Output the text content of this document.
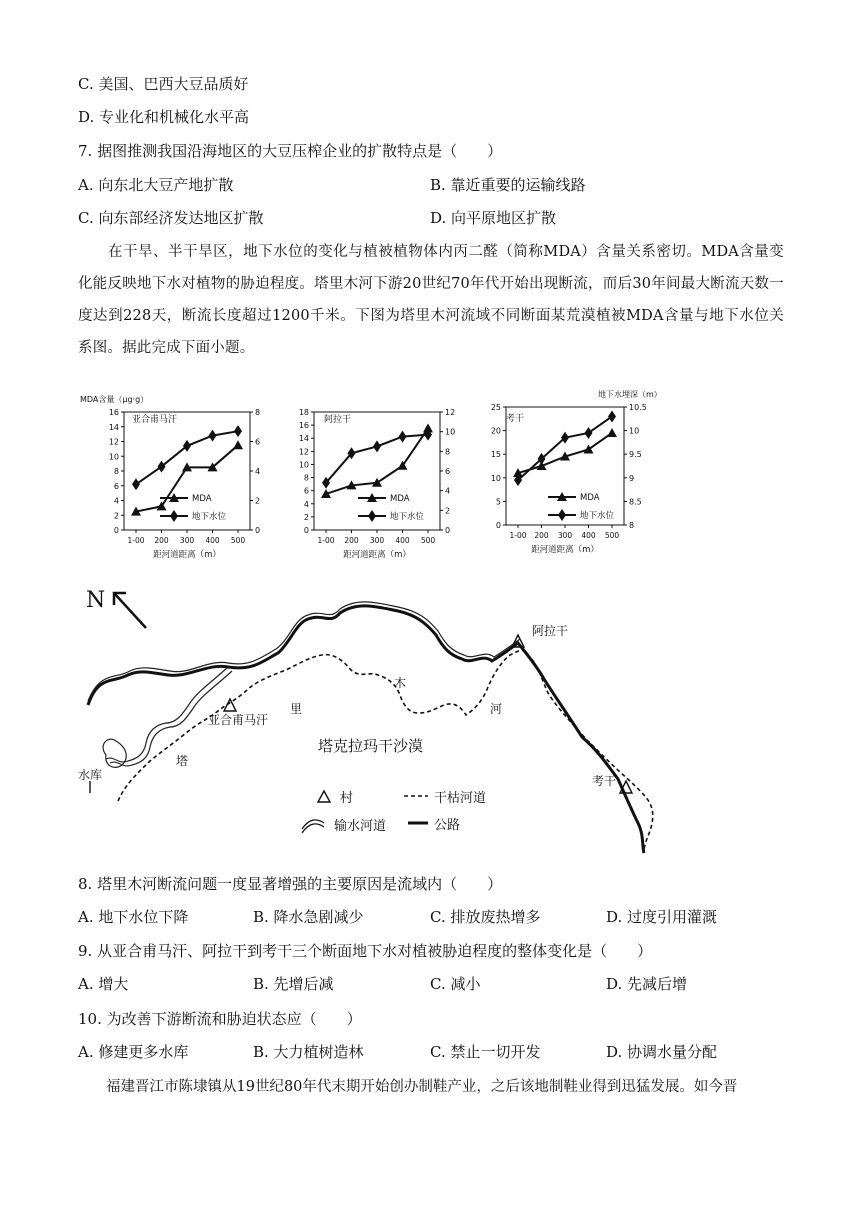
C. 美国、巴西大豆品质好
D. 专业化和机械化水平高
7. 据图推测我国沿海地区的大豆压榨企业的扩散特点是（　　）
A. 向东北大豆产地扩散	B. 靠近重要的运输线路
C. 向东部经济发达地区扩散	D. 向平原地区扩散
在干旱、半干旱区，地下水位的变化与植被植物体内丙二醛（简称MDA）含量关系密切。MDA含量变化能反映地下水对植物的胁迫程度。塔里木河下游20世纪70年代开始出现断流，而后30年间最大断流天数一度达到228天，断流长度超过1200千米。下图为塔里木河流域不同断面某荒漠植被MDA含量与地下水位关系图。据此完成下面小题。
0
2
4
6
8
10
12
14
16
0
2
4
6
8
1-00 200 300 400 500
距河道距离（m）
亚合甫马汗
MDA含量（μg·g）
MDA
地下水位
0
2
4
6
8
10
12
14
16
18
0
2
4
6
8
10
12
1-00 200 300 400 500
距河道距离（m）
阿拉干
MDA
地下水位
0
5
10
15
20
25
8
8.5
9
9.5
10
10.5
1-00 200 300 400 500
距河道距离（m）
考干
地下水埋深（m）
MDA
地下水位
N
阿拉干
木
河
里
塔
亚合甫马汗
塔克拉玛干沙漠
水库	考干
村	干枯河道
输水河道	公路
8. 塔里木河断流问题一度显著增强的主要原因是流域内（　　）
A. 地下水位下降	B. 降水急剧减少	C. 排放废热增多	D. 过度引用灌溉
9. 从亚合甫马汗、阿拉干到考干三个断面地下水对植被胁迫程度的整体变化是（　　）
A. 增大	B. 先增后减	C. 减小	D. 先减后增
10. 为改善下游断流和胁迫状态应（　　）
A. 修建更多水库	B. 大力植树造林	C. 禁止一切开发	D. 协调水量分配
福建晋江市陈埭镇从19世纪80年代末期开始创办制鞋产业，之后该地制鞋业得到迅猛发展。如今晋
